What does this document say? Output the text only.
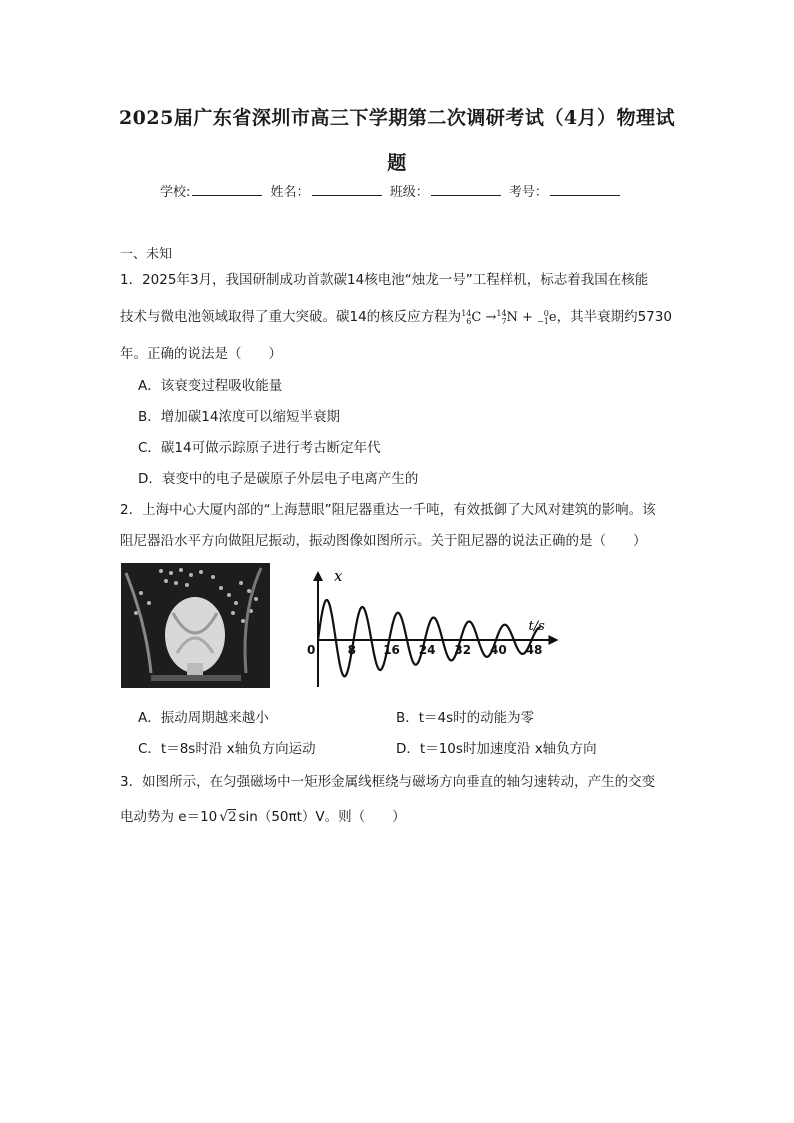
2025届广东省深圳市高三下学期第二次调研考试（4月）物理试
题
学校:	姓名：	班级：	考号：
一、未知
1．2025年3月，我国研制成功首款碳14核电池“烛龙一号”工程样机，标志着我国在核能
技术与微电池领域取得了重大突破。碳14的核反应方程为14
6C →14
7N + 0
−1e，其半衰期约5730
年。正确的说法是（　　）
A．该衰变过程吸收能量
B．增加碳14浓度可以缩短半衰期
C．碳14可做示踪原子进行考古断定年代
D．衰变中的电子是碳原子外层电子电离产生的
2．上海中心大厦内部的“上海慧眼”阻尼器重达一千吨，有效抵御了大风对建筑的影响。该
阻尼器沿水平方向做阻尼振动，振动图像如图所示。关于阻尼器的说法正确的是（　　）
0	8 16 24 32 40 48
x
t/s
A．振动周期越来越小	B．t＝4s时的动能为零
C．t＝8s时沿 x轴负方向运动	D．t＝10s时加速度沿 x轴负方向
3．如图所示，在匀强磁场中一矩形金属线框绕与磁场方向垂直的轴匀速转动，产生的交变
电动势为 e＝10 √2 sin（50πt）V。则（　　）
